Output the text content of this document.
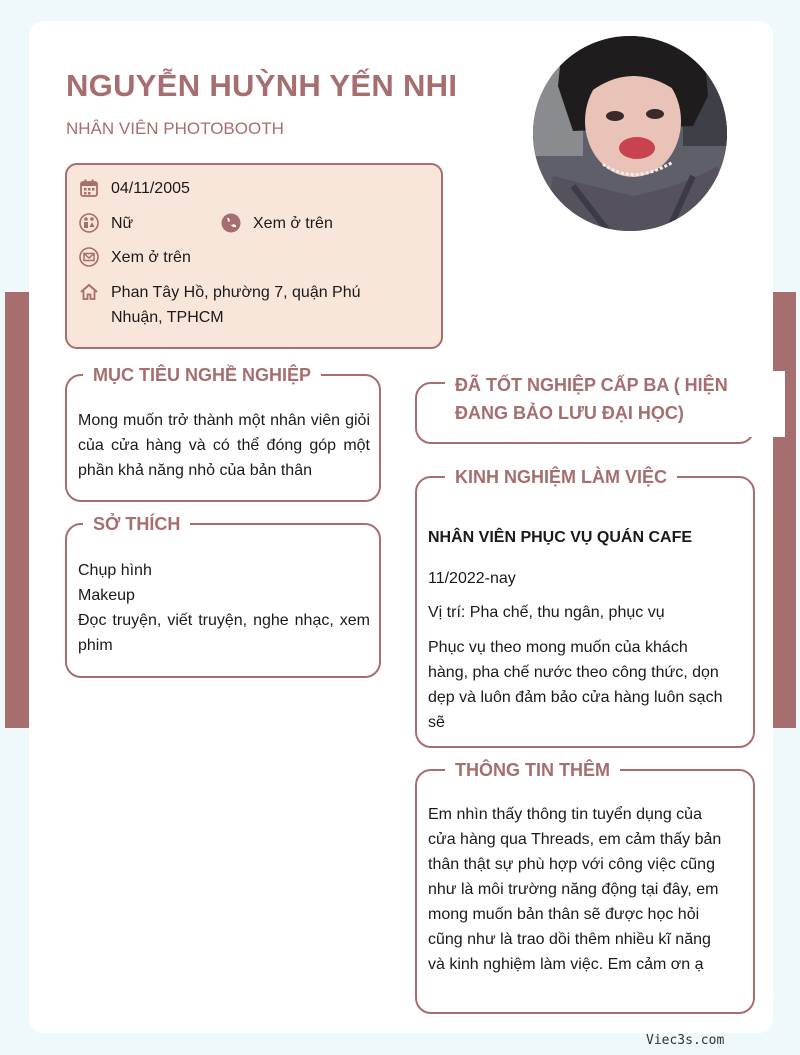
NGUYỄN HUỲNH YẾN NHI
NHÂN VIÊN PHOTOBOOTH
04/11/2005
Nữ	Xem ở trên
Xem ở trên
Phan Tây Hồ, phường 7, quận Phú
Nhuận, TPHCM
MỤC TIÊU NGHỀ NGHIỆP
Mong muốn trở thành một nhân viên giỏi của cửa hàng và có thể đóng góp một phần khả năng nhỏ của bản thân
SỞ THÍCH
Chụp hình
Makeup
Đọc truyện, viết truyện, nghe nhạc, xem phim
ĐÃ TỐT NGHIỆP CẤP BA ( HIỆN
ĐANG BẢO LƯU ĐẠI HỌC)
KINH NGHIỆM LÀM VIỆC
NHÂN VIÊN PHỤC VỤ QUÁN CAFE
11/2022-nay
Vị trí: Pha chế, thu ngân, phục vụ
Phục vụ theo mong muốn của khách hàng, pha chế nước theo công thức, dọn dẹp và luôn đảm bảo cửa hàng luôn sạch sẽ
THÔNG TIN THÊM
Em nhìn thấy thông tin tuyển dụng của cửa hàng qua Threads, em cảm thấy bản thân thật sự phù hợp với công việc cũng như là môi trường năng động tại đây, em mong muốn bản thân sẽ được học hỏi cũng như là trao dồi thêm nhiều kĩ năng và kinh nghiệm làm việc. Em cảm ơn ạ
Viec3s.com
